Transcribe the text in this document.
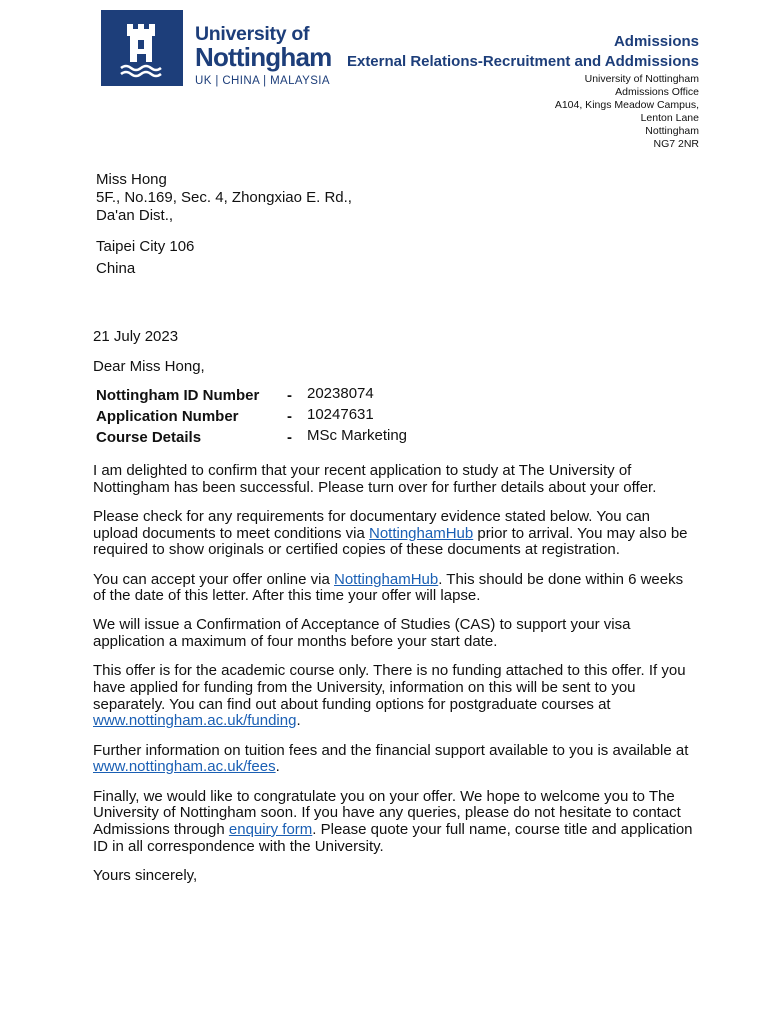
University of
Nottingham
UK | CHINA | MALAYSIA
Admissions
External Relations-Recruitment and Addmissions
University of Nottingham
Admissions Office
A104, Kings Meadow Campus,
Lenton Lane
Nottingham
NG7 2NR
Miss Hong
5F., No.169, Sec. 4, Zhongxiao E. Rd.,
Da'an Dist.,
Taipei City 106
China
21 July 2023
Dear Miss Hong,
Nottingham ID Number - 20238074
Application Number	- 10247631
Course Details	- MSc Marketing

I am delighted to confirm that your recent application to study at The University of Nottingham has been successful. Please turn over for further details about your offer.

Please check for any requirements for documentary evidence stated below. You can upload documents to meet conditions via NottinghamHub prior to arrival. You may also be required to show originals or certified copies of these documents at registration.

You can accept your offer online via NottinghamHub. This should be done within 6 weeks of the date of this letter. After this time your offer will lapse.

We will issue a Confirmation of Acceptance of Studies (CAS) to support your visa application a maximum of four months before your start date.

This offer is for the academic course only. There is no funding attached to this offer. If you have applied for funding from the University, information on this will be sent to you separately. You can find out about funding options for postgraduate courses at www.nottingham.ac.uk/funding.

Further information on tuition fees and the financial support available to you is available at www.nottingham.ac.uk/fees.

Finally, we would like to congratulate you on your offer. We hope to welcome you to The University of Nottingham soon. If you have any queries, please do not hesitate to contact Admissions through enquiry form. Please quote your full name, course title and application ID in all correspondence with the University.

Yours sincerely,
